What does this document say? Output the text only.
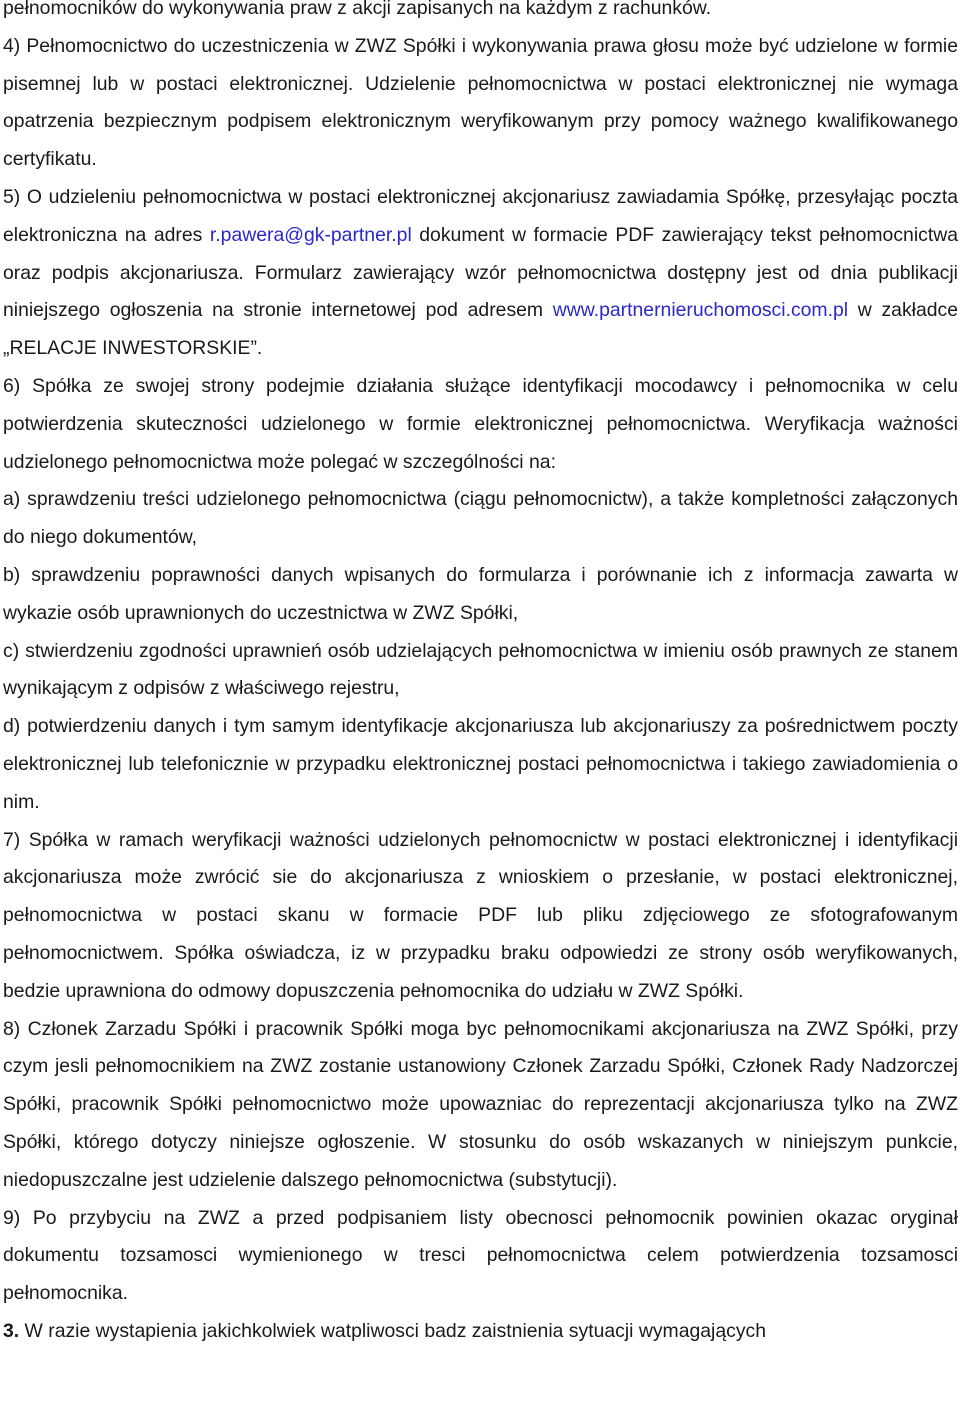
pełnomocników do wykonywania praw z akcji zapisanych na każdym z rachunków.

4) Pełnomocnictwo do uczestniczenia w ZWZ Spółki i wykonywania prawa głosu może być udzielone w formie pisemnej lub w postaci elektronicznej. Udzielenie pełnomocnictwa w postaci elektronicznej nie wymaga opatrzenia bezpiecznym podpisem elektronicznym weryfikowanym przy pomocy ważnego kwalifikowanego certyfikatu.

5) O udzieleniu pełnomocnictwa w postaci elektronicznej akcjonariusz zawiadamia Spółkę, przesyłając poczta elektroniczna na adres r.pawera@gk-partner.pl dokument w formacie PDF zawierający tekst pełnomocnictwa oraz podpis akcjonariusza. Formularz zawierający wzór pełnomocnictwa dostępny jest od dnia publikacji niniejszego ogłoszenia na stronie internetowej pod adresem www.partnernieruchomosci.com.pl w zakładce „RELACJE INWESTORSKIE”.

6) Spółka ze swojej strony podejmie działania służące identyfikacji mocodawcy i pełnomocnika w celu potwierdzenia skuteczności udzielonego w formie elektronicznej pełnomocnictwa. Weryfikacja ważności udzielonego pełnomocnictwa może polegać w szczególności na:

a) sprawdzeniu treści udzielonego pełnomocnictwa (ciągu pełnomocnictw), a także kompletności załączonych do niego dokumentów,

b) sprawdzeniu poprawności danych wpisanych do formularza i porównanie ich z informacja zawarta w wykazie osób uprawnionych do uczestnictwa w ZWZ Spółki,

c) stwierdzeniu zgodności uprawnień osób udzielających pełnomocnictwa w imieniu osób prawnych ze stanem wynikającym z odpisów z właściwego rejestru,

d) potwierdzeniu danych i tym samym identyfikacje akcjonariusza lub akcjonariuszy za pośrednictwem poczty elektronicznej lub telefonicznie w przypadku elektronicznej postaci pełnomocnictwa i takiego zawiadomienia o nim.

7) Spółka w ramach weryfikacji ważności udzielonych pełnomocnictw w postaci elektronicznej i identyfikacji akcjonariusza może zwrócić sie do akcjonariusza z wnioskiem o przesłanie, w postaci elektronicznej, pełnomocnictwa w postaci skanu w formacie PDF lub pliku zdjęciowego ze sfotografowanym pełnomocnictwem. Spółka oświadcza, iz w przypadku braku odpowiedzi ze strony osób weryfikowanych, bedzie uprawniona do odmowy dopuszczenia pełnomocnika do udziału w ZWZ Spółki.

8) Członek Zarzadu Spółki i pracownik Spółki moga byc pełnomocnikami akcjonariusza na ZWZ Spółki, przy czym jesli pełnomocnikiem na ZWZ zostanie ustanowiony Członek Zarzadu Spółki, Członek Rady Nadzorczej Spółki, pracownik Spółki pełnomocnictwo może upowazniac do reprezentacji akcjonariusza tylko na ZWZ Spółki, którego dotyczy niniejsze ogłoszenie. W stosunku do osób wskazanych w niniejszym punkcie, niedopuszczalne jest udzielenie dalszego pełnomocnictwa (substytucji).

9) Po przybyciu na ZWZ a przed podpisaniem listy obecnosci pełnomocnik powinien okazac oryginał dokumentu tozsamosci wymienionego w tresci pełnomocnictwa celem potwierdzenia tozsamosci pełnomocnika.

3. W razie wystapienia jakichkolwiek watpliwosci badz zaistnienia sytuacji wymagających
